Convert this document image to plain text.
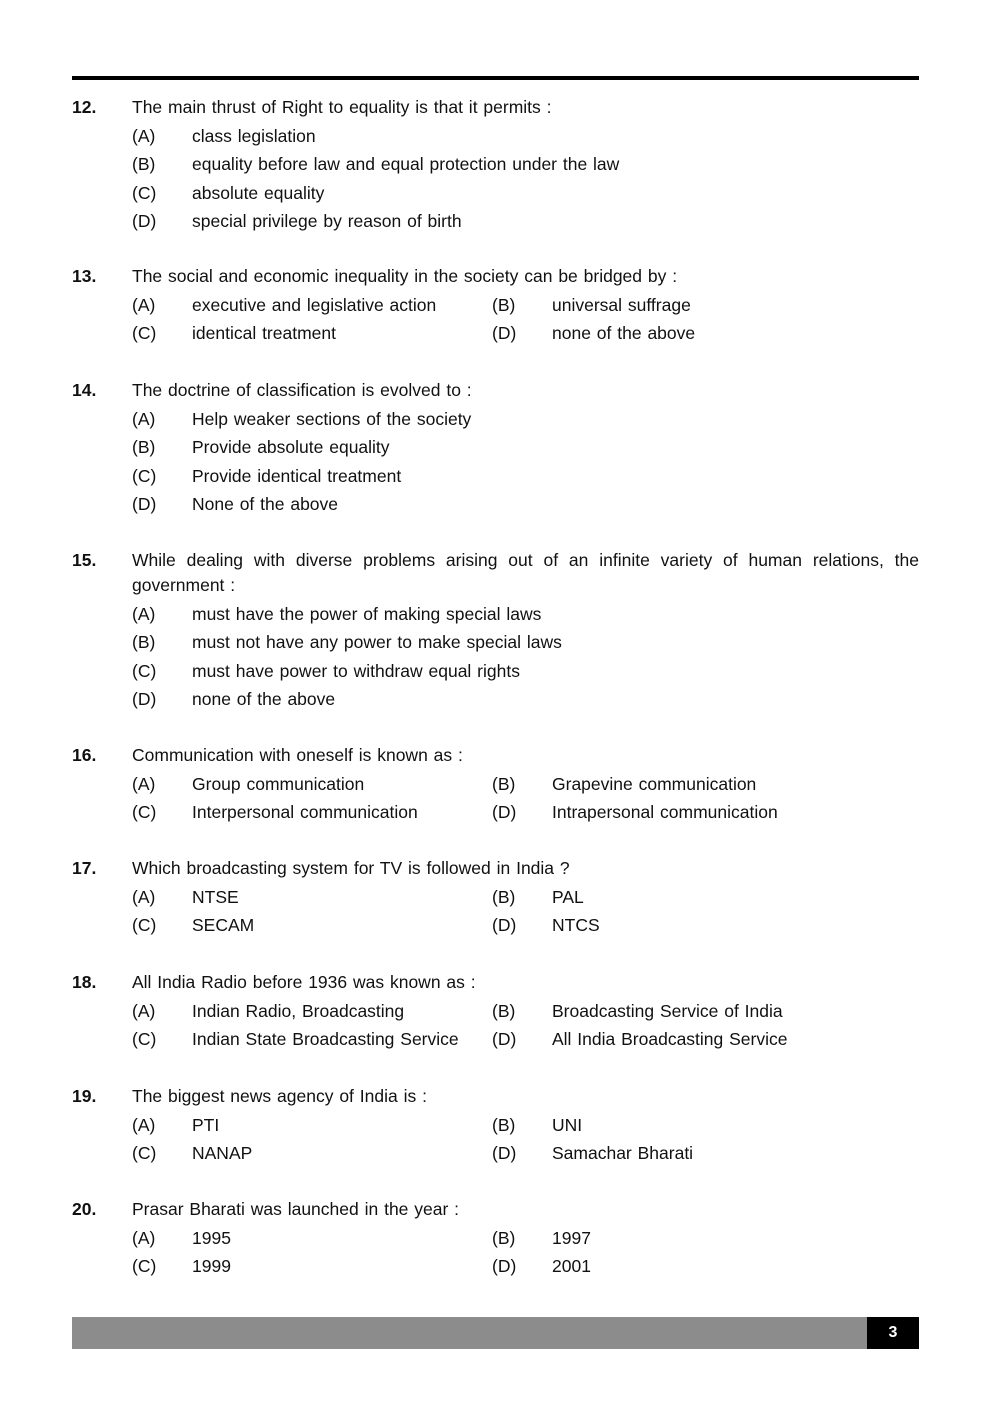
12. The main thrust of Right to equality is that it permits :
(A) class legislation
(B) equality before law and equal protection under the law
(C) absolute equality
(D) special privilege by reason of birth
13. The social and economic inequality in the society can be bridged by :
(A) executive and legislative action	(B) universal suffrage
(C) identical treatment	(D) none of the above
14. The doctrine of classification is evolved to :
(A) Help weaker sections of the society
(B) Provide absolute equality
(C) Provide identical treatment
(D) None of the above
15. While dealing with diverse problems arising out of an infinite variety of human relations, the government :
(A) must have the power of making special laws
(B) must not have any power to make special laws
(C) must have power to withdraw equal rights
(D) none of the above
16. Communication with oneself is known as :
(A) Group communication	(B) Grapevine communication
(C) Interpersonal communication	(D) Intrapersonal communication
17. Which broadcasting system for TV is followed in India ?
(A) NTSE	(B) PAL
(C) SECAM	(D) NTCS
18. All India Radio before 1936 was known as :
(A) Indian Radio, Broadcasting	(B) Broadcasting Service of India
(C) Indian State Broadcasting Service (D) All India Broadcasting Service
19. The biggest news agency of India is :
(A) PTI	(B) UNI
(C) NANAP	(D) Samachar Bharati
20. Prasar Bharati was launched in the year :
(A) 1995	(B) 1997
(C) 1999	(D) 2001
3
